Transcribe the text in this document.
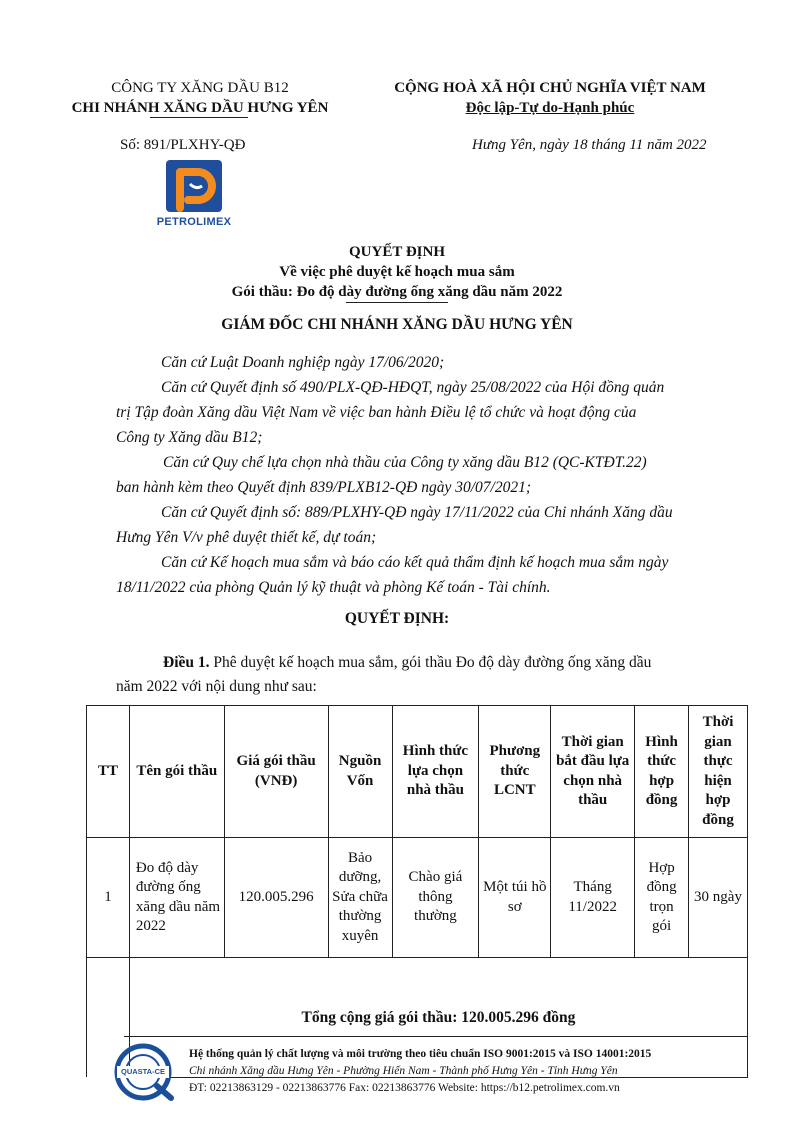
CÔNG TY XĂNG DẦU B12
CHI NHÁNH XĂNG DẦU HƯNG YÊN
CỘNG HOÀ XÃ HỘI CHỦ NGHĨA VIỆT NAM
Độc lập-Tự do-Hạnh phúc
Số: 891/PLXHY-QĐ	Hưng Yên, ngày 18 tháng 11 năm 2022
PETROLIMEX
QUYẾT ĐỊNH
Về việc phê duyệt kế hoạch mua sắm
Gói thầu: Đo độ dày đường ống xăng dầu năm 2022
GIÁM ĐỐC CHI NHÁNH XĂNG DẦU HƯNG YÊN
Căn cứ Luật Doanh nghiệp ngày 17/06/2020;
Căn cứ Quyết định số 490/PLX-QĐ-HĐQT, ngày 25/08/2022 của Hội đồng quản
trị Tập đoàn Xăng dầu Việt Nam về việc ban hành Điều lệ tổ chức và hoạt động của
Công ty Xăng dầu B12;
Căn cứ Quy chế lựa chọn nhà thầu của Công ty xăng dầu B12 (QC-KTĐT.22)
ban hành kèm theo Quyết định 839/PLXB12-QĐ ngày 30/07/2021;
Căn cứ Quyết định số: 889/PLXHY-QĐ ngày 17/11/2022 của Chi nhánh Xăng dầu
Hưng Yên V/v phê duyệt thiết kế, dự toán;
Căn cứ Kế hoạch mua sắm và báo cáo kết quả thẩm định kế hoạch mua sắm ngày
18/11/2022 của phòng Quản lý kỹ thuật và phòng Kế toán - Tài chính.
QUYẾT ĐỊNH:
Điều 1. Phê duyệt kế hoạch mua sắm, gói thầu Đo độ dày đường ống xăng dầu
năm 2022 với nội dung như sau:
TT	Tên gói thầu	Giá gói thầu (VNĐ)	Nguồn Vốn	Hình thức lựa chọn nhà thầu	Phương thức LCNT	Thời gian bắt đầu lựa chọn nhà thầu	Hình thức hợp đồng	Thời gian thực hiện hợp đồng
1	Đo độ dày đường ống xăng dầu năm 2022	120.005.296	Bảo dưỡng, Sửa chữa thường xuyên	Chào giá thông thường	Một túi hồ sơ	Tháng 11/2022	Hợp đồng trọn gói	30 ngày
	Tổng cộng giá gói thầu: 120.005.296 đồng							
QUASTA-CE
Hệ thống quản lý chất lượng và môi trường theo tiêu chuẩn ISO 9001:2015 và ISO 14001:2015
Chi nhánh Xăng dầu Hưng Yên - Phường Hiến Nam - Thành phố Hưng Yên - Tỉnh Hưng Yên
ĐT: 02213863129 - 02213863776 Fax: 02213863776 Website: https://b12.petrolimex.com.vn
